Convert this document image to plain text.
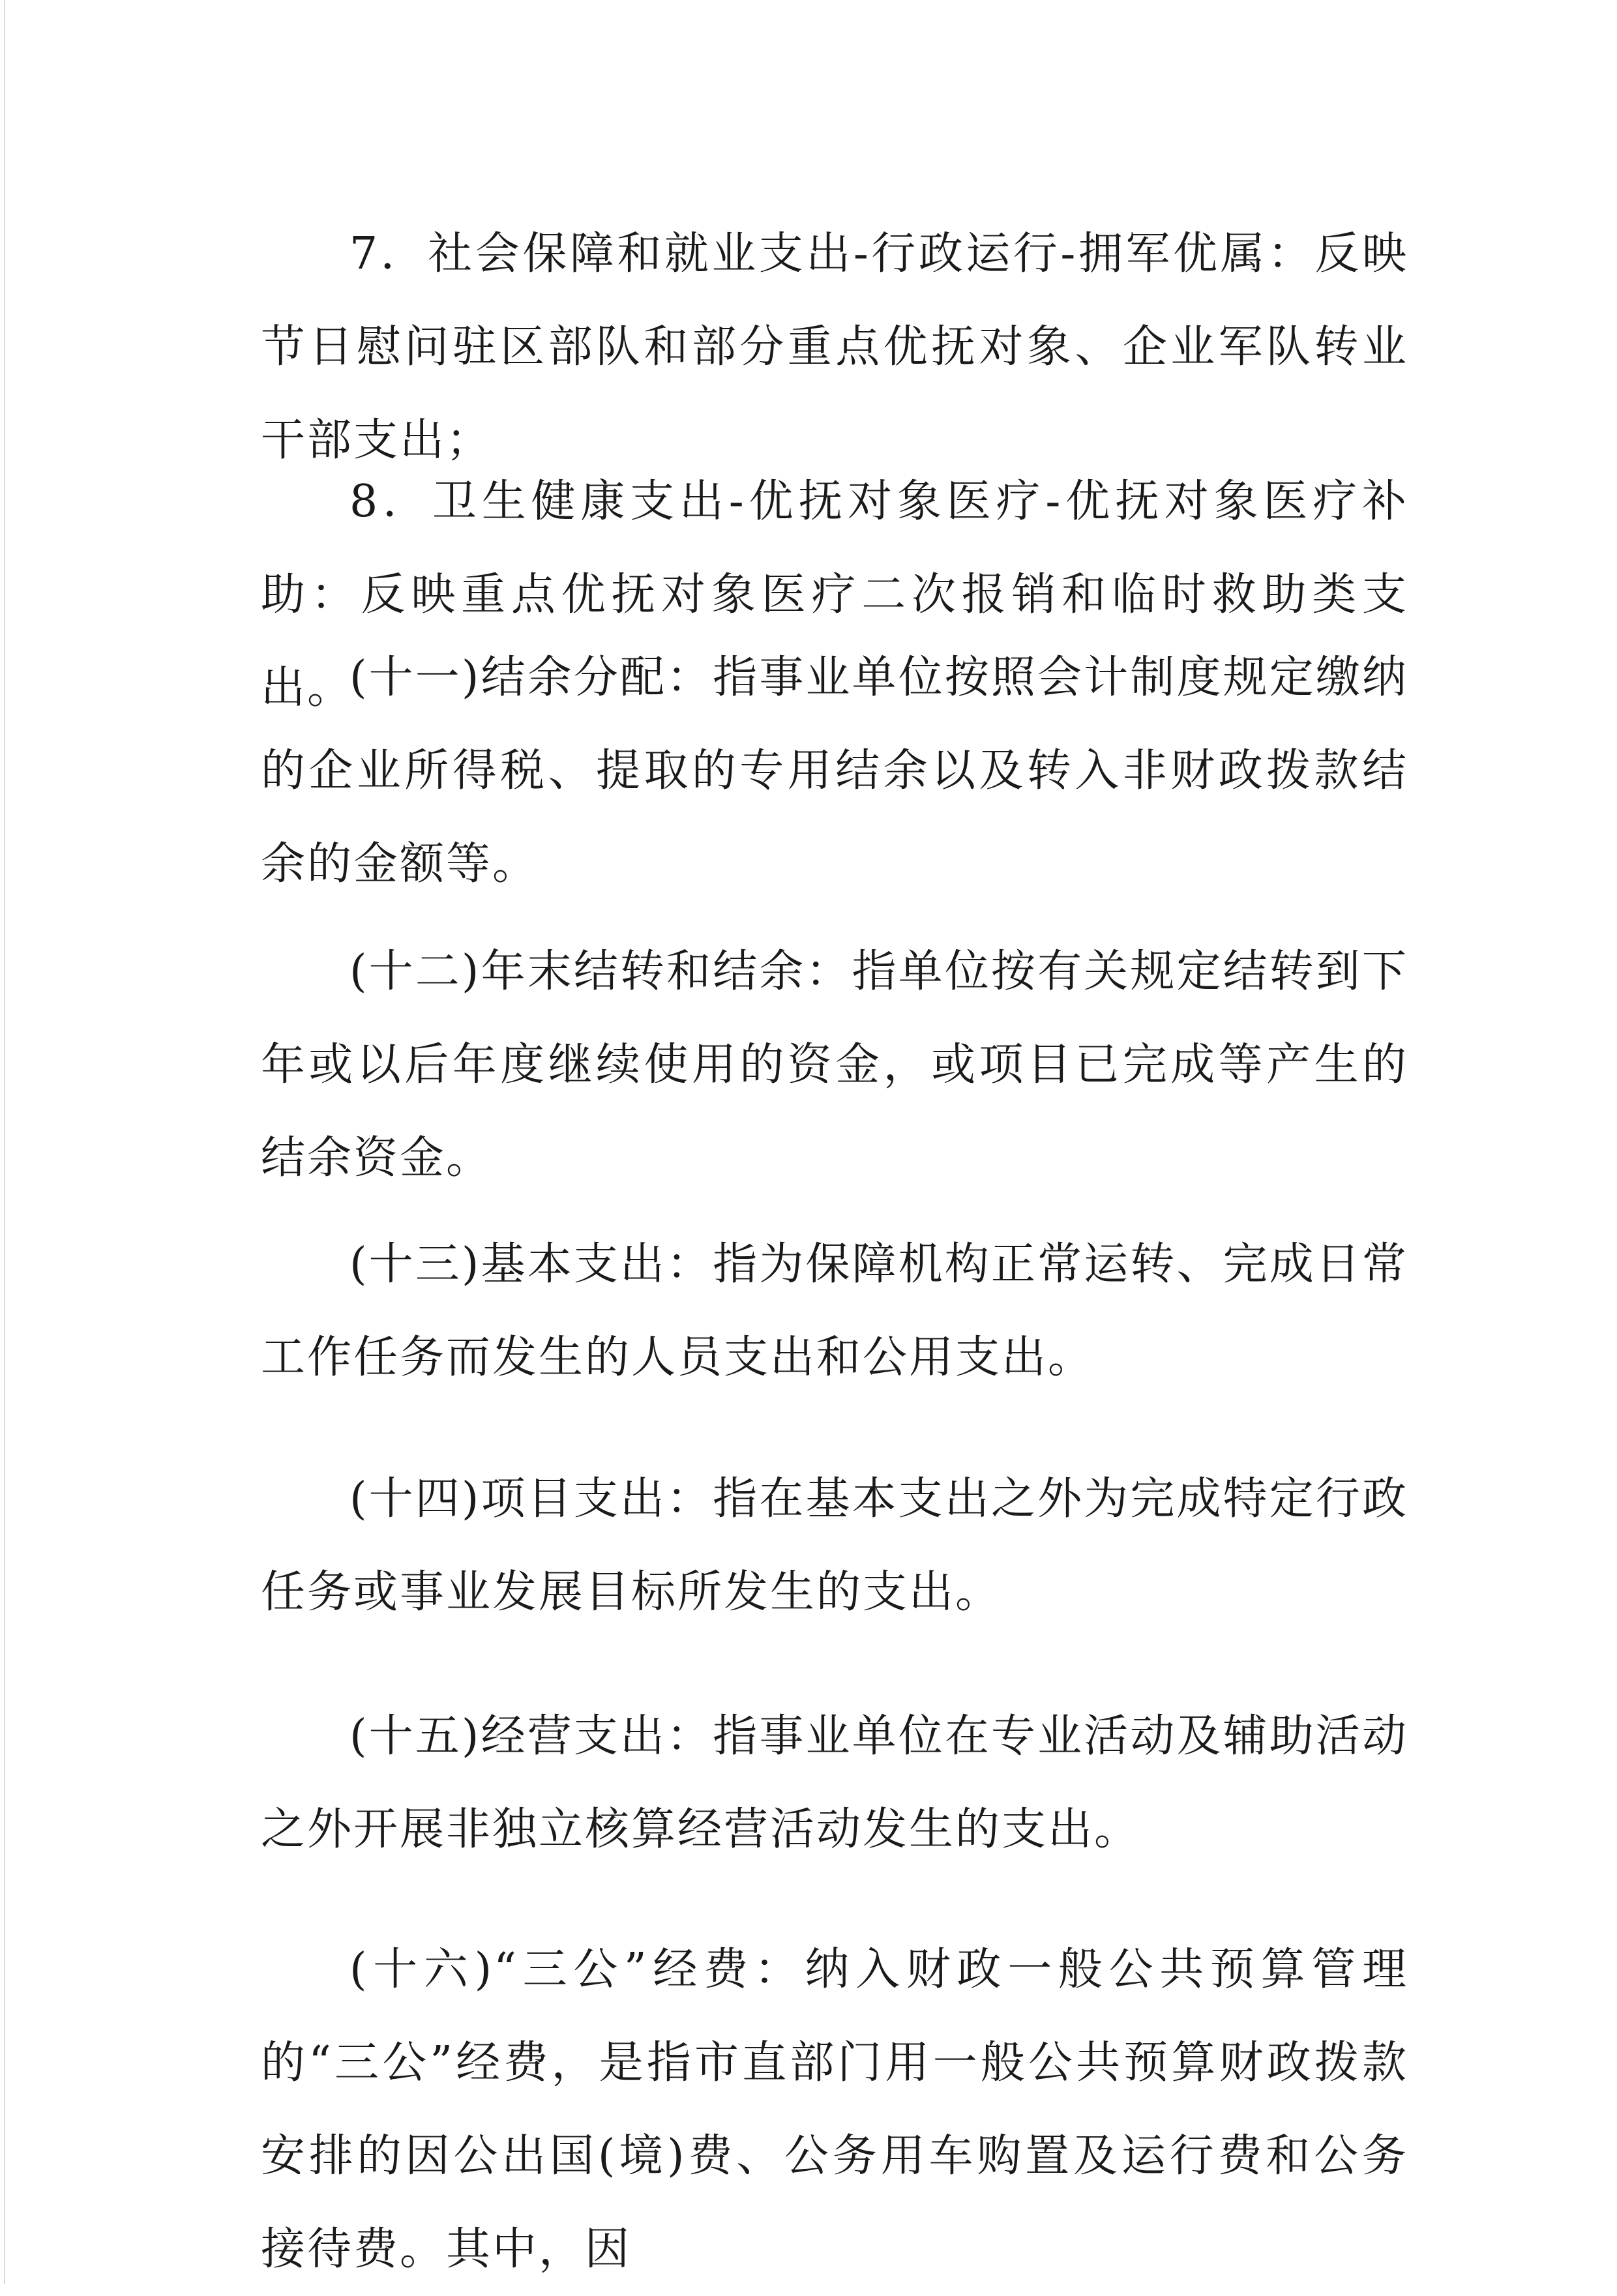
7．社会保障和就业支出-行政运行-拥军优属：反映节日慰问驻区部队和部分重点优抚对象、企业军队转业干部支出；

8．卫生健康支出-优抚对象医疗-优抚对象医疗补助：反映重点优抚对象医疗二次报销和临时救助类支出。

(十一)结余分配：指事业单位按照会计制度规定缴纳的企业所得税、提取的专用结余以及转入非财政拨款结余的金额等。

(十二)年末结转和结余：指单位按有关规定结转到下年或以后年度继续使用的资金，或项目已完成等产生的结余资金。

(十三)基本支出：指为保障机构正常运转、完成日常工作任务而发生的人员支出和公用支出。

(十四)项目支出：指在基本支出之外为完成特定行政任务或事业发展目标所发生的支出。

(十五)经营支出：指事业单位在专业活动及辅助活动之外开展非独立核算经营活动发生的支出。

(十六)“三公”经费：纳入财政一般公共预算管理的“三公”经费，是指市直部门用一般公共预算财政拨款安排的因公出国(境)费、公务用车购置及运行费和公务接待费。其中，因
